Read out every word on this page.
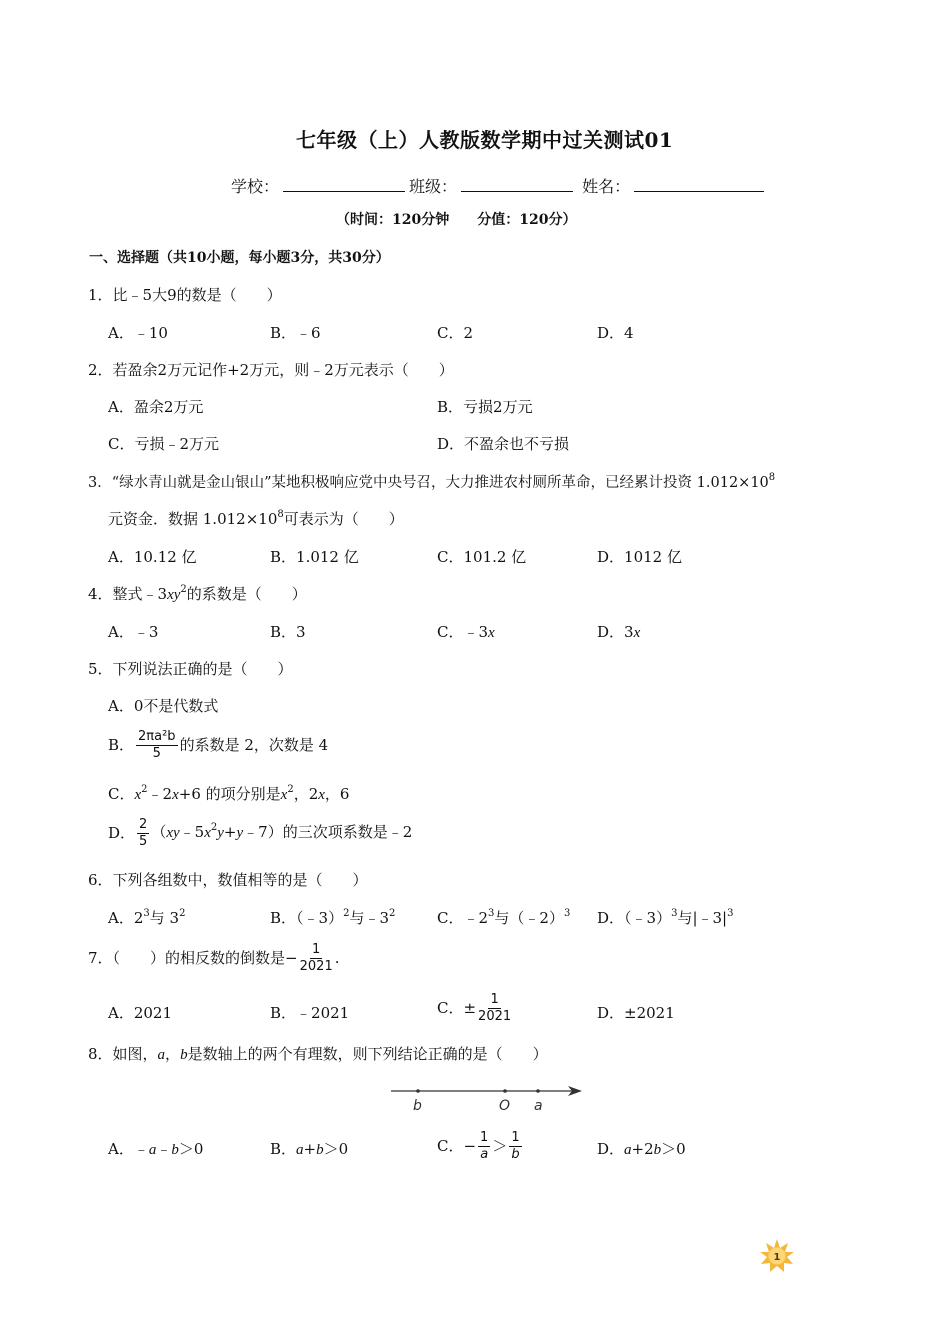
七年级（上）人教版数学期中过关测试01
学校：	班级：	姓名：
（时间：120分钟　　分值：120分）
一、选择题（共10小题，每小题3分，共30分）
1．比﹣5大9的数是（　　）
A．﹣10	B．﹣6	C．2	D．4
2．若盈余2万元记作+2万元，则﹣2万元表示（　　）
A．盈余2万元	B．亏损2万元
C．亏损﹣2万元	D．不盈余也不亏损
3．“绿水青山就是金山银山”某地积极响应党中央号召，大力推进农村厕所革命，已经累计投资 $1.012\times 10^8$
元资金．数据 $1.012\times 10^8$可表示为（　　）
A．10.12 亿	B．1.012 亿	C．101.2 亿	D．1012 亿
4．整式$﹣3xy^2$的系数是（　　）
A．﹣3	B．3	C．﹣3x	D．3x
5．下列说法正确的是（　　）
A．0不是代数式
B． $\frac{\text{2πa²b}}{5}$ 的系数是 2，次数是 4
C．$x^2﹣2x+6$ 的项分别是$x^2$，2x，6
D． $\frac{2}{5}$ $(xy﹣5x^2y+y﹣7)$的三次项系数是﹣2
6．下列各组数中，数值相等的是（　　）
A．$2^3$与 $3^2$	B．（﹣3）$^2$与$﹣3^2$	C．$﹣2^3$与（﹣2）$^3$ D．（﹣3）$^3$与$|﹣3|^3$
7．（　　）的相反数的倒数是− $\frac{1}{2021}$ .
A．2021	B．﹣2021	C．± $\frac{1}{2021}$	D．±2021
8．如图，a，b是数轴上的两个有理数，则下列结论正确的是（　　）
b	O a
A．﹣a﹣b＞0	B．a+b＞0	C．− $\frac{1}{a} > \frac{1}{b}$	D．a+2b＞0
1
